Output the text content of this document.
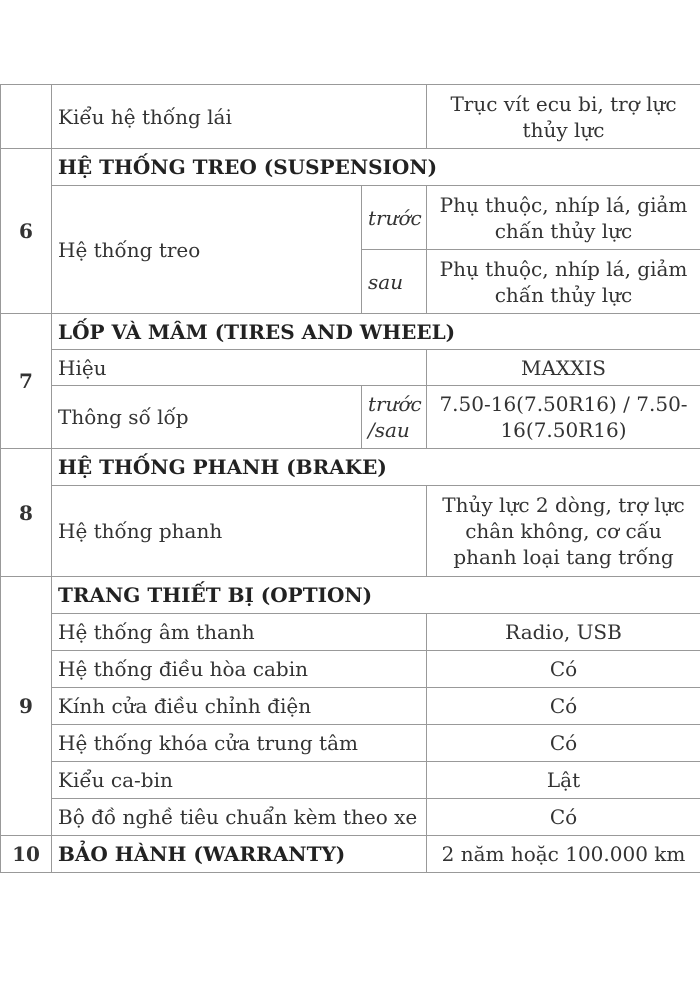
	Kiểu hệ thống lái		Trục vít ecu bi, trợ lực thủy lực
6	HỆ THỐNG TREO (SUSPENSION)		
	Hệ thống treo	trước	Phụ thuộc, nhíp lá, giảm chấn thủy lực
		sau	Phụ thuộc, nhíp lá, giảm chấn thủy lực
7	LỐP VÀ MÂM (TIRES AND WHEEL)		
	Hiệu		MAXXIS
	Thông số lốp	trước /sau	7.50-16(7.50R16) / 7.50-16(7.50R16)
8	HỆ THỐNG PHANH (BRAKE)		
	Hệ thống phanh		Thủy lực 2 dòng, trợ lực chân không, cơ cấu phanh loại tang trống
9	TRANG THIẾT BỊ (OPTION)		
	Hệ thống âm thanh		Radio, USB
	Hệ thống điều hòa cabin		Có
	Kính cửa điều chỉnh điện		Có
	Hệ thống khóa cửa trung tâm		Có
	Kiểu ca-bin		Lật
	Bộ đồ nghề tiêu chuẩn kèm theo xe		Có
10	BẢO HÀNH (WARRANTY)		2 năm hoặc 100.000 km
